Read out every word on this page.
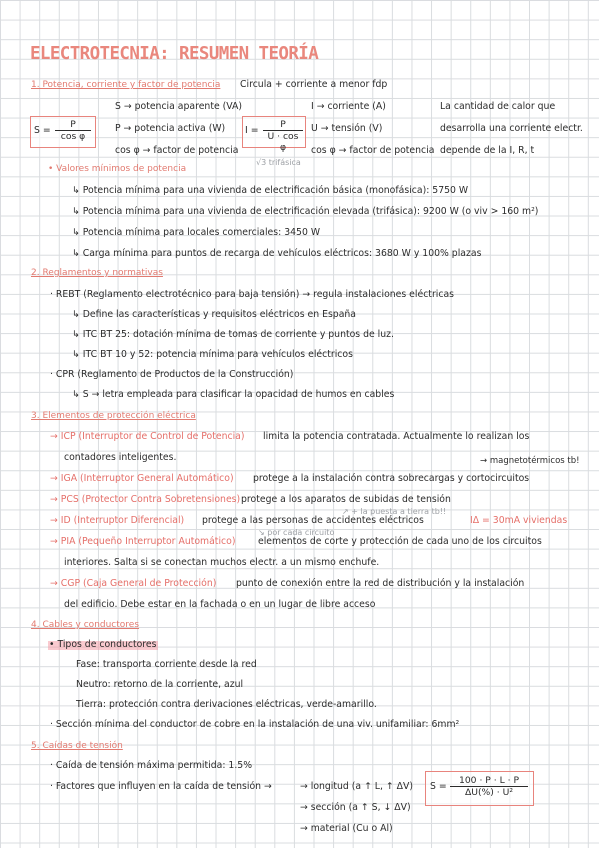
ELECTROTECNIA: RESUMEN TEORÍA
1. Potencia, corriente y factor de potencia Circula + corriente a menor fdp
$S = \frac{P}{\text{cos φ}}$
S → potencia aparente (VA)
P → potencia activa (W)
cos φ → factor de potencia
$I = \frac{P}{\text{U · cos φ}}$
√3 trifásica
I → corriente (A)
U → tensión (V)
cos φ → factor de potencia
La cantidad de calor que
desarrolla una corriente electr.
depende de la I, R, t
• Valores mínimos de potencia
↳ Potencia mínima para una vivienda de electrificación básica (monofásica): 5750 W
↳ Potencia mínima para una vivienda de electrificación elevada (trifásica): 9200 W (o viv > 160 m²)
↳ Potencia mínima para locales comerciales: 3450 W
↳ Carga mínima para puntos de recarga de vehículos eléctricos: 3680 W y 100% plazas
2. Reglamentos y normativas
· REBT (Reglamento electrotécnico para baja tensión) → regula instalaciones eléctricas
↳ Define las características y requisitos eléctricos en España
↳ ITC BT 25: dotación mínima de tomas de corriente y puntos de luz.
↳ ITC BT 10 y 52: potencia mínima para vehículos eléctricos
· CPR (Reglamento de Productos de la Construcción)
↳ S → letra empleada para clasificar la opacidad de humos en cables
3. Elementos de protección eléctrica
→ ICP (Interruptor de Control de Potencia) limita la potencia contratada. Actualmente lo realizan los
contadores inteligentes.	→ magnetotérmicos tb!
→ IGA (Interruptor General Automático) protege a la instalación contra sobrecargas y cortocircuitos
→ PCS (Protector Contra Sobretensiones) protege a los aparatos de subidas de tensión
↗ + la puesta a tierra tb!!
→ ID (Interruptor Diferencial) protege a las personas de accidentes eléctricos	IΔ = 30mA viviendas
↘ por cada circuito
→ PIA (Pequeño Interruptor Automático) elementos de corte y protección de cada uno de los circuitos
interiores. Salta si se conectan muchos electr. a un mismo enchufe.
→ CGP (Caja General de Protección) punto de conexión entre la red de distribución y la instalación
del edificio. Debe estar en la fachada o en un lugar de libre acceso
4. Cables y conductores
• Tipos de conductores
Fase: transporta corriente desde la red
Neutro: retorno de la corriente, azul
Tierra: protección contra derivaciones eléctricas, verde-amarillo.
· Sección mínima del conductor de cobre en la instalación de una viv. unifamiliar: 6mm²
5. Caídas de tensión
· Caída de tensión máxima permitida: 1.5%
· Factores que influyen en la caída de tensión →	→ longitud (a ↑ L, ↑ ΔV)
→ sección (a ↑ S, ↓ ΔV)
→ material (Cu o Al)
$S = \frac{100 \cdot P \cdot L \cdot P}{\text{ΔU(\%) · U²}}$
